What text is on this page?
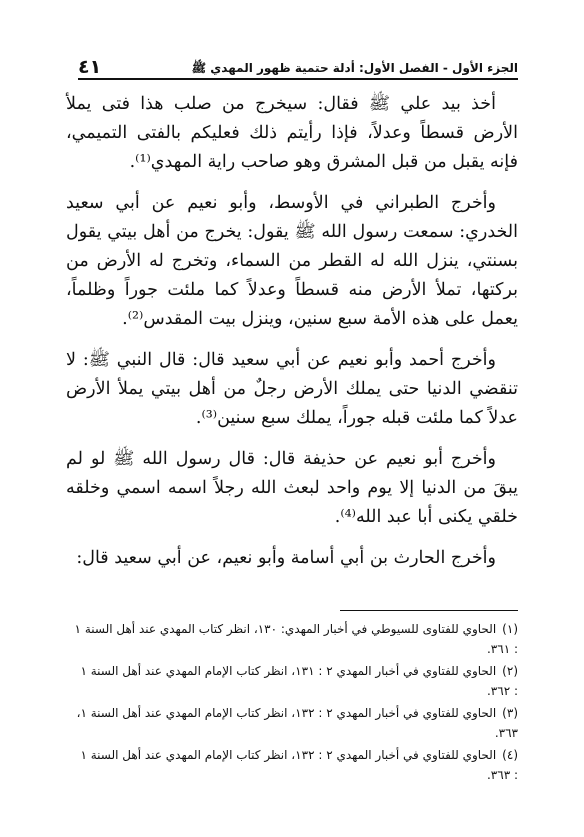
الجزء الأول - الفصل الأول: أدلة حتمية ظهور المهدي ﷺ
٤١

أخذ بيد علي ﷺ فقال: سيخرج من صلب هذا فتى يملأ الأرض قسطاً وعدلاً، فإذا رأيتم ذلك فعليكم بالفتى التميمي، فإنه يقبل من قبل المشرق وهو صاحب راية المهدي⁽¹⁾.

وأخرج الطبراني في الأوسط، وأبو نعيم عن أبي سعيد الخدري: سمعت رسول الله ﷺ يقول: يخرج من أهل بيتي يقول بسنتي، ينزل الله له القطر من السماء، وتخرج له الأرض من بركتها، تملأ الأرض منه قسطاً وعدلاً كما ملئت جوراً وظلماً، يعمل على هذه الأمة سبع سنين، وينزل بيت المقدس⁽²⁾.

وأخرج أحمد وأبو نعيم عن أبي سعيد قال: قال النبي ﷺ: لا تنقضي الدنيا حتى يملك الأرض رجلٌ من أهل بيتي يملأ الأرض عدلاً كما ملئت قبله جوراً، يملك سبع سنين⁽³⁾.

وأخرج أبو نعيم عن حذيفة قال: قال رسول الله ﷺ لو لم يبقَ من الدنيا إلا يوم واحد لبعث الله رجلاً اسمه اسمي وخلقه خلقي يكنى أبا عبد الله⁽⁴⁾.

وأخرج الحارث بن أبي أسامة وأبو نعيم، عن أبي سعيد قال:

(١)الحاوي للفتاوى للسيوطي في أخبار المهدي: ١٣٠، انظر كتاب المهدي عند أهل السنة ١ : ٣٦١.

(٢)الحاوي للفتاوي في أخبار المهدي ٢ : ١٣١، انظر كتاب الإمام المهدي عند أهل السنة ١ : ٣٦٢.

(٣)الحاوي للفتاوي في أخبار المهدي ٢ : ١٣٢، انظر كتاب الإمام المهدي عند أهل السنة ١، ٣٦٣.

(٤)الحاوي للفتاوي في أخبار المهدي ٢ : ١٣٢، انظر كتاب الإمام المهدي عند أهل السنة ١ : ٣٦٣.
